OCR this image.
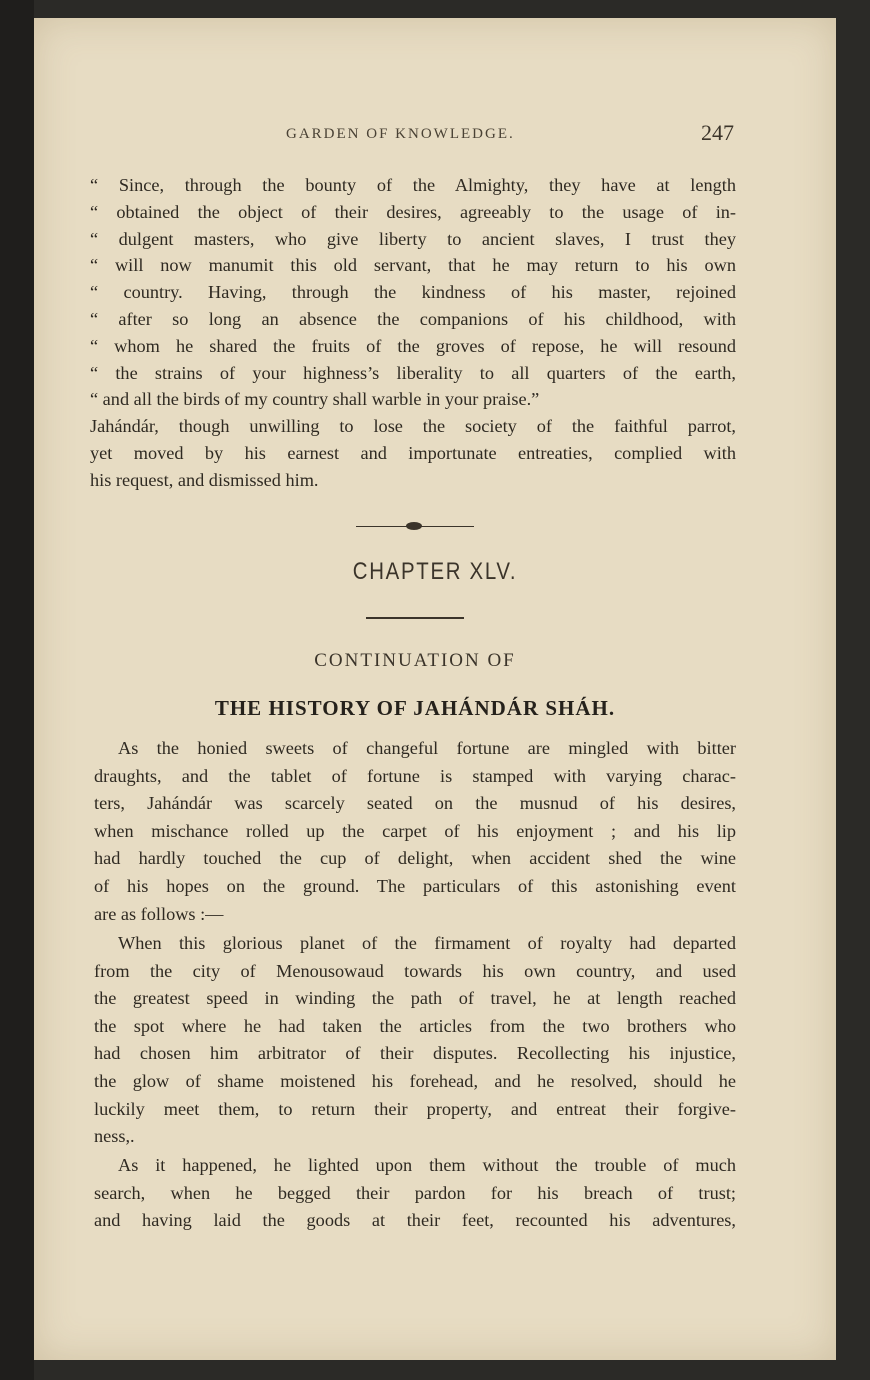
GARDEN OF KNOWLEDGE.	247
“ Since, through the bounty of the Almighty, they have at length
“ obtained the object of their desires, agreeably to the usage of in-
“ dulgent masters, who give liberty to ancient slaves, I trust they
“ will now manumit this old servant, that he may return to his own
“ country. Having, through the kindness of his master, rejoined
“ after so long an absence the companions of his childhood, with
“ whom he shared the fruits of the groves of repose, he will resound
“ the strains of your highness’s liberality to all quarters of the earth,
“ and all the birds of my country shall warble in your praise.”
Jahándár, though unwilling to lose the society of the faithful parrot,
yet moved by his earnest and importunate entreaties, complied with
his request, and dismissed him.
CHAPTER XLV.
CONTINUATION OF
THE HISTORY OF JAHÁNDÁR SHÁH.
As the honied sweets of changeful fortune are mingled with bitter
draughts, and the tablet of fortune is stamped with varying charac-
ters, Jahándár was scarcely seated on the musnud of his desires,
when mischance rolled up the carpet of his enjoyment ; and his lip
had hardly touched the cup of delight, when accident shed the wine
of his hopes on the ground. The particulars of this astonishing event
are as follows :—
When this glorious planet of the firmament of royalty had departed
from the city of Menousowaud towards his own country, and used
the greatest speed in winding the path of travel, he at length reached
the spot where he had taken the articles from the two brothers who
had chosen him arbitrator of their disputes. Recollecting his injustice,
the glow of shame moistened his forehead, and he resolved, should he
luckily meet them, to return their property, and entreat their forgive-
ness,.
As it happened, he lighted upon them without the trouble of much
search, when he begged their pardon for his breach of trust;
and having laid the goods at their feet, recounted his adventures,
